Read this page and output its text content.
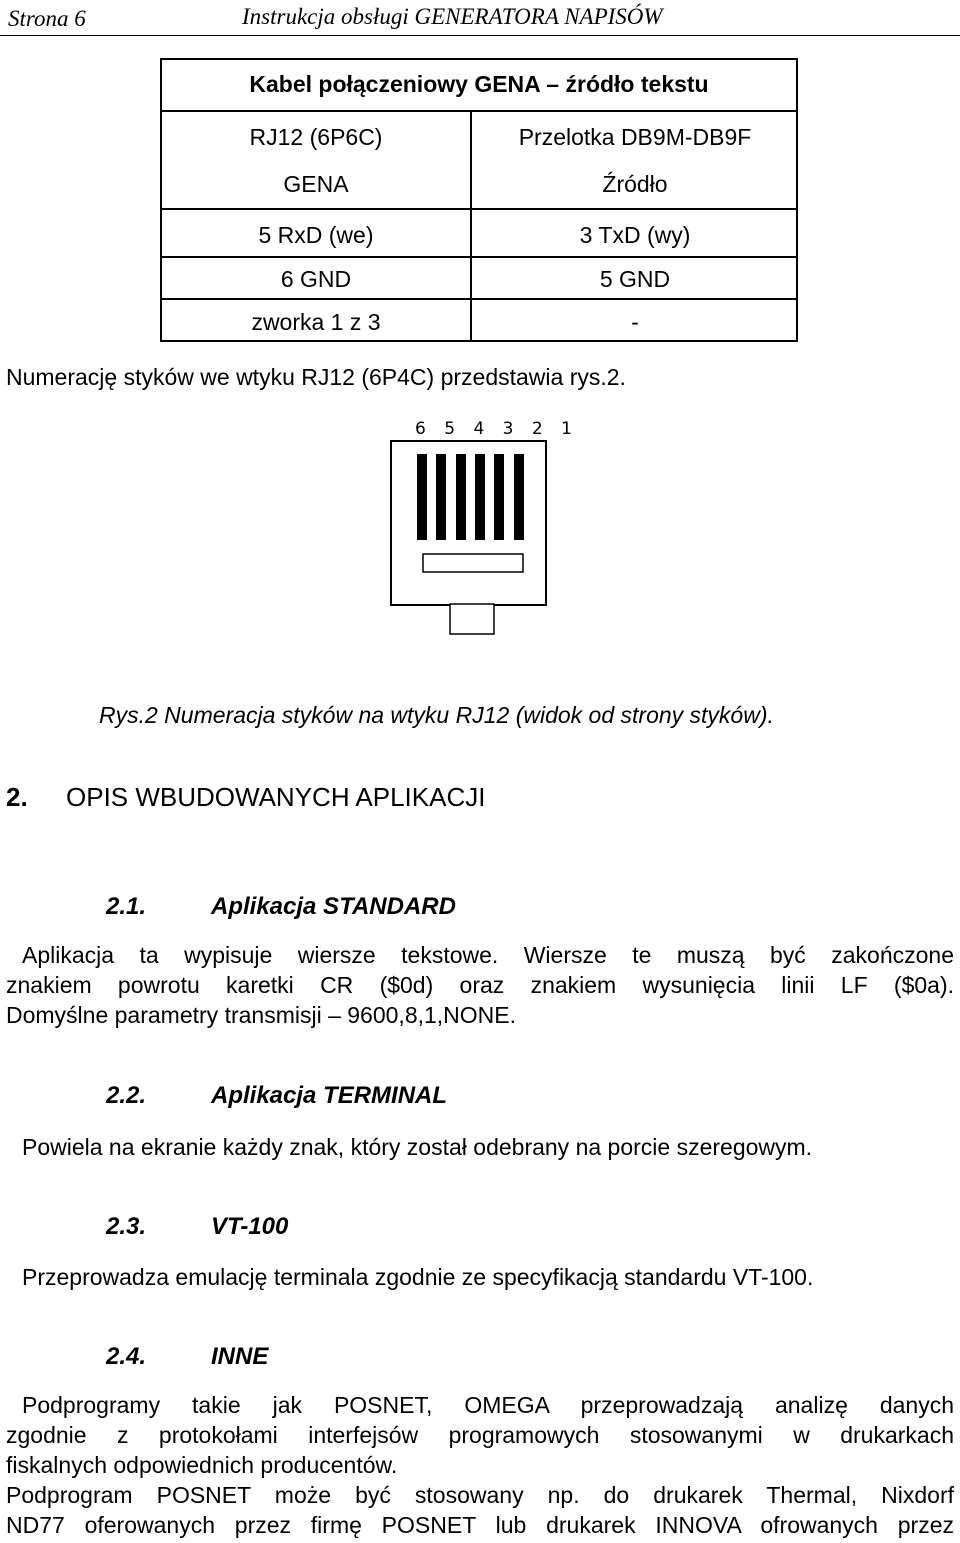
Strona 6	Instrukcja obsługi GENERATORA NAPISÓW
Kabel połączeniowy GENA – źródło tekstu
RJ12 (6P6C)	Przelotka DB9M-DB9F
GENA	Źródło
5 RxD (we)	3 TxD (wy)
6 GND	5 GND
zworka 1 z 3	-
Numerację styków we wtyku RJ12 (6P4C) przedstawia rys.2.
6 5 4 3 2 1
Rys.2 Numeracja styków na wtyku RJ12 (widok od strony styków).
2. OPIS WBUDOWANYCH APLIKACJI
2.1.	Aplikacja STANDARD
Aplikacja ta wypisuje wiersze tekstowe. Wiersze te muszą być zakończone
znakiem powrotu karetki CR ($0d) oraz znakiem wysunięcia linii LF ($0a).
Domyślne parametry transmisji – 9600,8,1,NONE.
2.2.	Aplikacja TERMINAL
Powiela na ekranie każdy znak, który został odebrany na porcie szeregowym.
2.3.	VT-100
Przeprowadza emulację terminala zgodnie ze specyfikacją standardu VT-100.
2.4.	INNE
Podprogramy takie jak POSNET, OMEGA przeprowadzają analizę danych
zgodnie z protokołami interfejsów programowych stosowanymi w drukarkach
fiskalnych odpowiednich producentów.
Podprogram POSNET może być stosowany np. do drukarek Thermal, Nixdorf
ND77 oferowanych przez firmę POSNET lub drukarek INNOVA ofrowanych przez
